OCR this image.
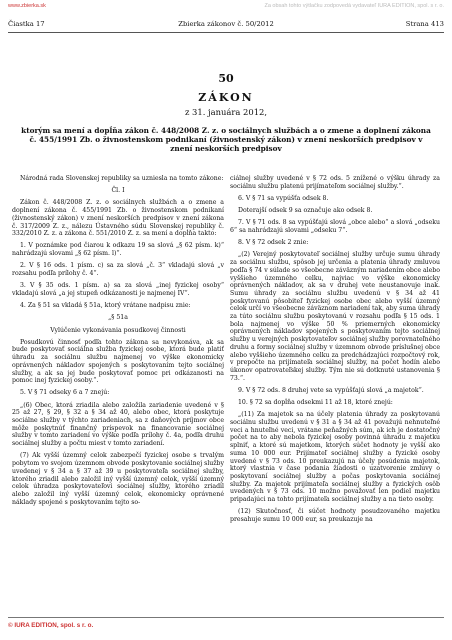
www.zbierka.sk	Za obsah tohto výtlačku zodpovedá vydavateľ IURA EDITION, spol. s r. o.
Čiastka 17	Zbierka zákonov č. 50/2012	Strana 413
50
ZÁKON
z 31. januára 2012,
ktorým sa mení a dopĺňa zákon č. 448/2008 Z. z. o sociálnych službách a o zmene a doplnení zákona č. 455/1991 Zb. o živnostenskom podnikaní (živnostenský zákon) v znení neskorších predpisov v znení neskorších predpisov

Národná rada Slovenskej republiky sa uzniesla na tomto zákone:

Čl. I

Zákon č. 448/2008 Z. z. o sociálnych službách a o zmene a doplnení zákona č. 455/1991 Zb. o živnostenskom podnikaní (živnostenský zákon) v znení neskorších predpisov v znení zákona č. 317/2009 Z. z., nálezu Ústavného súdu Slovenskej republiky č. 332/2010 Z. z. a zákona č. 551/2010 Z. z. sa mení a dopĺňa takto:

1. V poznámke pod čiarou k odkazu 19 sa slová „§ 62 písm. k)“ nahrádzajú slovami „§ 62 písm. l)“.

2. V § 16 ods. 1 písm. c) sa za slová „č. 3“ vkladajú slová „v rozsahu podľa prílohy č. 4“.

3. V § 35 ods. 1 písm. a) sa za slová „inej fyzickej osoby“ vkladajú slová „a jej stupeň odkázanosti je najmenej IV“.

4. Za § 51 sa vkladá § 51a, ktorý vrátane nadpisu znie:

„§ 51a

Vylúčenie vykonávania posudkovej činnosti

Posudkovú činnosť podľa tohto zákona sa nevykonáva, ak sa bude poskytovať sociálna služba fyzickej osobe, ktorá bude platiť úhradu za sociálnu službu najmenej vo výške ekonomicky oprávnených nákladov spojených s poskytovaním tejto sociálnej služby, a ak sa jej bude poskytovať pomoc pri odkázanosti na pomoc inej fyzickej osoby.“.

5. V § 71 odseky 6 a 7 znejú:

„(6) Obec, ktorá zriadila alebo založila zariadenie uvedené v § 25 až 27, § 29, § 32 a § 34 až 40, alebo obec, ktorá poskytuje sociálne služby v týchto zariadeniach, sa z daňových príjmov obce môže poskytnúť finančný príspevok na financovanie sociálnej služby v tomto zariadení vo výške podľa prílohy č. 4a, podľa druhu sociálnej služby a počtu miest v tomto zariadení.

(7) Ak vyšší územný celok zabezpečí fyzickej osobe s trvalým pobytom vo svojom územnom obvode poskytovanie sociálnej služby uvedenej v § 34 a § 37 až 39 u poskytovateľa sociálnej služby, ktorého zriadil alebo založil iný vyšší územný celok, vyšší územný celok úhradza poskytovateľovi sociálnej služby, ktorého zriadil alebo založil iný vyšší územný celok, ekonomicky oprávnené náklady spojené s poskytovaním tejto so-

ciálnej služby uvedené v § 72 ods. 5 znížené o výšku úhrady za sociálnu službu platenú prijímateľom sociálnej služby.“.

6. V § 71 sa vypúšťa odsek 8.

Doterajší odsek 9 sa označuje ako odsek 8.

7. V § 71 ods. 8 sa vypúšťajú slová „obce alebo“ a slová „odseku 6“ sa nahrádzajú slovami „odseku 7“.

8. V § 72 odsek 2 znie:

„(2) Verejný poskytovateľ sociálnej služby určuje sumu úhrady za sociálnu službu, spôsob jej určenia a platenia úhrady zmluvou podľa § 74 v súlade so všeobecne záväzným nariadením obce alebo vyššieho územného celku, najviac vo výške ekonomicky oprávnených nákladov, ak sa v druhej vete neustanovuje inak. Sumu úhrady za sociálnu službu uvedenú v § 34 až 41 poskytovanú pôsobiteľ fyzickej osobe obec alebo vyšší územný celok určí vo všeobecne záväznom nariadení tak, aby suma úhrady za túto sociálnu službu poskytovanú v rozsahu podľa § 15 ods. 1 bola najmenej vo výške 50 % priemerných ekonomicky oprávnených nákladov spojených s poskytovaním tejto sociálnej služby u verejných poskytovateľov sociálnej služby porovnateľného druhu a formy sociálnej služby v územnom obvode príslušnej obce alebo vyššieho územného celku za predchádzajúci rozpočtový rok, v prepočte na prijímateľa sociálnej služby, na počet hodín alebo úkonov opatrovateľskej služby. Tým nie sú dotknuté ustanovenia § 73.“.

9. V § 72 ods. 8 druhej vete sa vypúšťajú slová „a majetok“.

10. § 72 sa dopĺňa odsekmi 11 až 18, ktoré znejú:

„(11) Za majetok sa na účely platenia úhrady za poskytovanú sociálnu službu uvedenú v § 31 a § 34 až 41 považujú nehnuteľné veci a hnuteľné veci, vrátane peňažných súm, ak ich je dostatočný počet na to aby nebola fyzickej osoby povinná úhradu z majetku splniť, a ktoré sú majetkom, ktorých súčet hodnoty je vyšší ako suma 10 000 eur. Prijímateľ sociálnej služby a fyzické osoby uvedené v § 73 ods. 10 preukazujú na účely posúdenia majetok, ktorý vlastnia v čase podania žiadosti o uzatvorenie zmluvy o poskytovaní sociálnej služby a počas poskytovania sociálnej služby. Za majetok prijímateľa sociálnej služby a fyzických osôb uvedených v § 73 ods. 10 možno považovať len podiel majetku pripadajúci na tohto prijímateľa sociálnej služby a na tieto osoby.

(12) Skutočnosť, či súčet hodnoty posudzovaného majetku presahuje sumu 10 000 eur, sa preukazuje na

© IURA EDITION, spol. s r. o.
